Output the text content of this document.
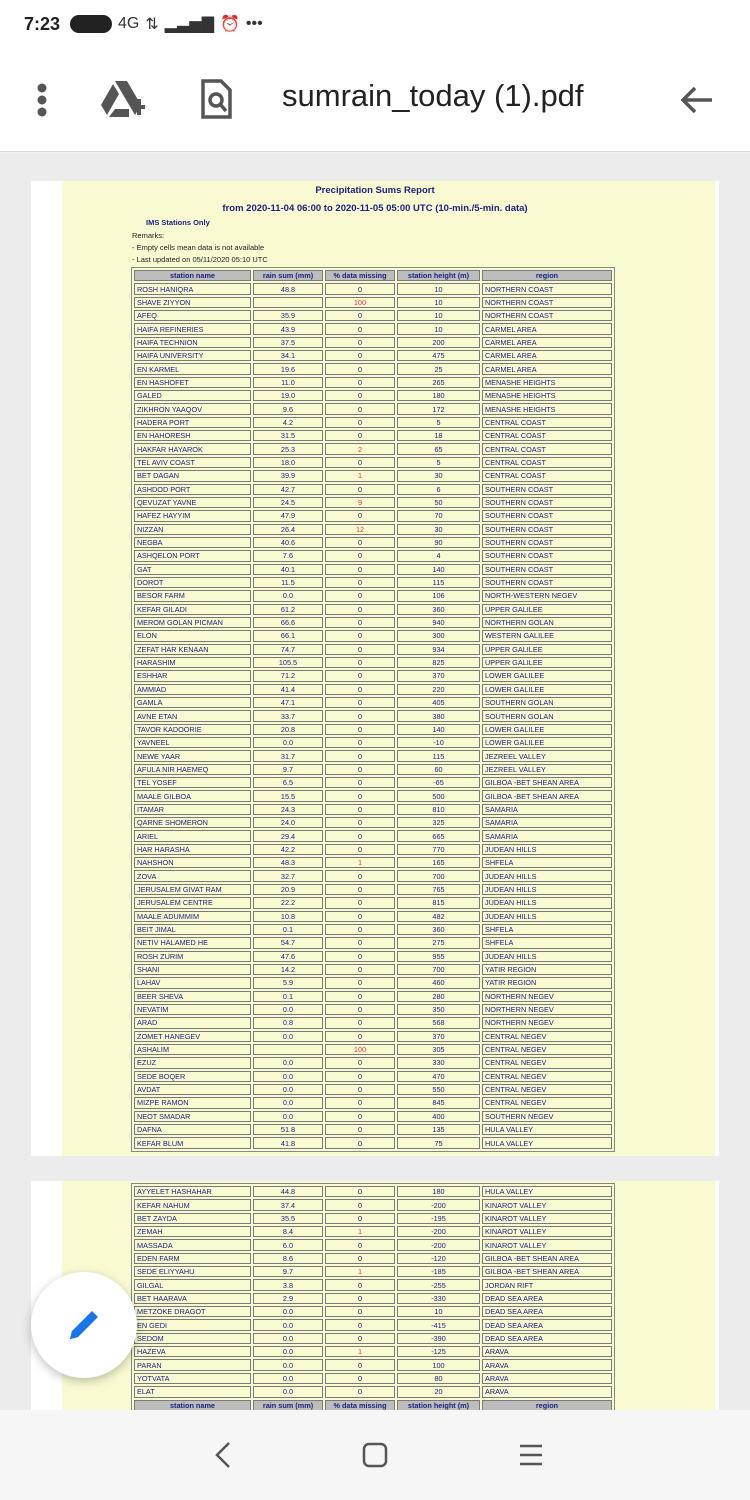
7:23	4G ⇅ ▂▃▅▇ ⏰ •••
sumrain_today (1).pdf
Precipitation Sums Report
from 2020-11-04 06:00 to 2020-11-05 05:00 UTC (10-min./5-min. data)
IMS Stations Only
Remarks:
- Empty cells mean data is not available
- Last updated on 05/11/2020 05:10 UTC
station name	rain sum (mm)	% data missing	station height (m)	region
ROSH HANIQRA	48.8	0	10	NORTHERN COAST
SHAVE ZIYYON		100	10	NORTHERN COAST
AFEQ	35.9	0	10	NORTHERN COAST
HAIFA REFINERIES	43.9	0	10	CARMEL AREA
HAIFA TECHNION	37.5	0	200	CARMEL AREA
HAIFA UNIVERSITY	34.1	0	475	CARMEL AREA
EN KARMEL	19.6	0	25	CARMEL AREA
EN HASHOFET	11.0	0	265	MENASHE HEIGHTS
GALED	19.0	0	180	MENASHE HEIGHTS
ZIKHRON YAAQOV	9.6	0	172	MENASHE HEIGHTS
HADERA PORT	4.2	0	5	CENTRAL COAST
EN HAHORESH	31.5	0	18	CENTRAL COAST
HAKFAR HAYAROK	25.3	2	65	CENTRAL COAST
TEL AVIV COAST	18.0	0	5	CENTRAL COAST
BET DAGAN	39.9	1	30	CENTRAL COAST
ASHDOD PORT	42.7	0	6	SOUTHERN COAST
QEVUZAT YAVNE	24.5	9	50	SOUTHERN COAST
HAFEZ HAYYIM	47.9	0	70	SOUTHERN COAST
NIZZAN	26.4	12	30	SOUTHERN COAST
NEGBA	40.6	0	90	SOUTHERN COAST
ASHQELON PORT	7.6	0	4	SOUTHERN COAST
GAT	40.1	0	140	SOUTHERN COAST
DOROT	11.5	0	115	SOUTHERN COAST
BESOR FARM	0.0	0	106	NORTH-WESTERN NEGEV
KEFAR GILADI	61.2	0	360	UPPER GALILEE
MEROM GOLAN PICMAN	66.6	0	940	NORTHERN GOLAN
ELON	66.1	0	300	WESTERN GALILEE
ZEFAT HAR KENAAN	74.7	0	934	UPPER GALILEE
HARASHIM	105.5	0	825	UPPER GALILEE
ESHHAR	71.2	0	370	LOWER GALILEE
AMMIAD	41.4	0	220	LOWER GALILEE
GAMLA	47.1	0	405	SOUTHERN GOLAN
AVNE ETAN	33.7	0	380	SOUTHERN GOLAN
TAVOR KADOORIE	20.8	0	140	LOWER GALILEE
YAVNEEL	0.0	0	-10	LOWER GALILEE
NEWE YAAR	31.7	0	115	JEZREEL VALLEY
AFULA NIR HAEMEQ	9.7	0	60	JEZREEL VALLEY
TEL YOSEF	6.5	0	-65	GILBOA -BET SHEAN AREA
MAALE GILBOA	15.5	0	500	GILBOA -BET SHEAN AREA
ITAMAR	24.3	0	810	SAMARIA
QARNE SHOMERON	24.0	0	325	SAMARIA
ARIEL	29.4	0	665	SAMARIA
HAR HARASHA	42.2	0	770	JUDEAN HILLS
NAHSHON	48.3	1	165	SHFELA
ZOVA	32.7	0	700	JUDEAN HILLS
JERUSALEM GIVAT RAM	20.9	0	765	JUDEAN HILLS
JERUSALEM CENTRE	22.2	0	815	JUDEAN HILLS
MAALE ADUMMIM	10.8	0	482	JUDEAN HILLS
BEIT JIMAL	0.1	0	360	SHFELA
NETIV HALAMED HE	54.7	0	275	SHFELA
ROSH ZURIM	47.6	0	955	JUDEAN HILLS
SHANI	14.2	0	700	YATIR REGION
LAHAV	5.9	0	460	YATIR REGION
BEER SHEVA	0.1	0	280	NORTHERN NEGEV
NEVATIM	0.0	0	350	NORTHERN NEGEV
ARAD	0.8	0	568	NORTHERN NEGEV
ZOMET HANEGEV	0.0	0	370	CENTRAL NEGEV
ASHALIM		100	305	CENTRAL NEGEV
EZUZ	0.0	0	330	CENTRAL NEGEV
SEDE BOQER	0.0	0	470	CENTRAL NEGEV
AVDAT	0.0	0	550	CENTRAL NEGEV
MIZPE RAMON	0.0	0	845	CENTRAL NEGEV
NEOT SMADAR	0.0	0	400	SOUTHERN NEGEV
DAFNA	51.8	0	135	HULA VALLEY
KEFAR BLUM	41.8	0	75	HULA VALLEY
AYYELET HASHAHAR	44.8	0	180	HULA VALLEY
KEFAR NAHUM	37.4	0	-200	KINAROT VALLEY
BET ZAYDA	35.5	0	-195	KINAROT VALLEY
ZEMAH	8.4	1	-200	KINAROT VALLEY
MASSADA	6.0	0	-200	KINAROT VALLEY
EDEN FARM	8.6	0	-120	GILBOA -BET SHEAN AREA
SEDE ELIYYAHU	9.7	1	-185	GILBOA -BET SHEAN AREA
GILGAL	3.8	0	-255	JORDAN RIFT
BET HAARAVA	2.9	0	-330	DEAD SEA AREA
METZOKE DRAGOT	0.0	0	10	DEAD SEA AREA
EN GEDI	0.0	0	-415	DEAD SEA AREA
SEDOM	0.0	0	-390	DEAD SEA AREA
HAZEVA	0.0	1	-125	ARAVA
PARAN	0.0	0	100	ARAVA
YOTVATA	0.0	0	80	ARAVA
ELAT	0.0	0	20	ARAVA
station name	rain sum (mm)	% data missing	station height (m)	region
